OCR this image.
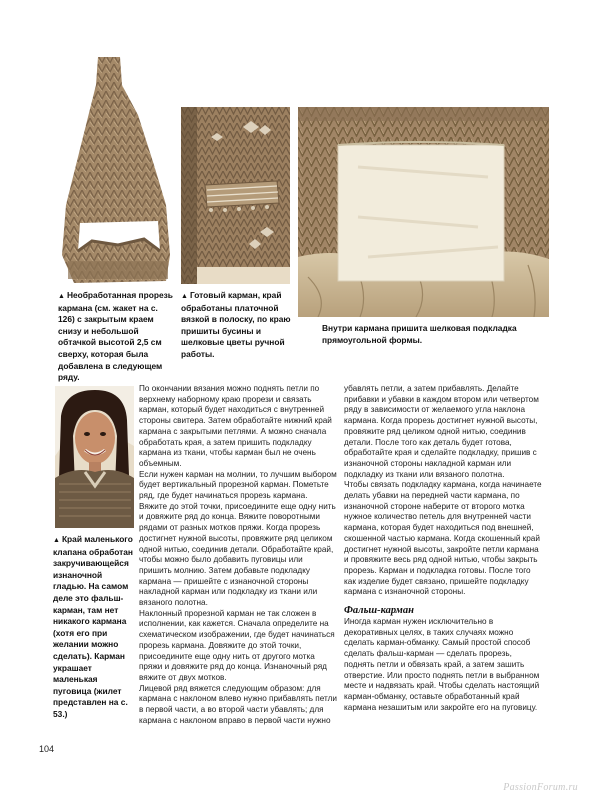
▲ Необработанная прорезь кармана (см. жакет на с. 126) с закрытым краем снизу и небольшой обтачкой высотой 2,5 см сверху, которая была добавлена в следующем ряду.
▲ Готовый карман, край обработаны платочной вязкой в полоску, по краю пришиты бусины и шелковые цветы ручной работы.
Внутри кармана пришита шелковая подкладка прямоугольной формы.
▲ Край маленького клапана обработан закручивающейся изнаночной гладью. На самом деле это фальш-карман, там нет никакого кармана (хотя его при желании можно сделать). Карман украшает маленькая пуговица (жилет представлен на с. 53.)

По окончании вязания можно поднять петли по верхнему наборному краю прорези и связать карман, который будет находиться с внутренней стороны свитера. Затем обработайте нижний край кармана с закрытыми петлями. А можно сначала обработать края, а затем пришить подкладку кармана из ткани, чтобы карман был не очень объемным.

Если нужен карман на молнии, то лучшим выбором будет вертикальный прорезной карман. Пометьте ряд, где будет начинаться прорезь кармана. Вяжите до этой точки, присоедините еще одну нить и довяжите ряд до конца. Вяжите поворотными рядами от разных мотков пряжи. Когда прорезь достигнет нужной высоты, провяжите ряд целиком одной нитью, соединив детали. Обработайте край, чтобы можно было добавить пуговицы или пришить молнию. Затем добавьте подкладку кармана — пришейте с изнаночной стороны накладной карман или подкладку из ткани или вязаного полотна.

Наклонный прорезной карман не так сложен в исполнении, как кажется. Сначала определите на схематическом изображении, где будет начинаться прорезь кармана. Довяжите до этой точки, присоедините еще одну нить от другого мотка пряжи и довяжите ряд до конца. Изнаночный ряд вяжите от двух мотков.

Лицевой ряд вяжется следующим образом: для кармана с наклоном влево нужно прибавлять петли в первой части, а во второй части убавлять; для кармана с наклоном вправо в первой части нужно

убавлять петли, а затем прибавлять. Делайте прибавки и убавки в каждом втором или четвертом ряду в зависимости от желаемого угла наклона кармана. Когда прорезь достигнет нужной высоты, провяжите ряд целиком одной нитью, соединив детали. После того как деталь будет готова, обработайте края и сделайте подкладку, пришив с изнаночной стороны накладной карман или подкладку из ткани или вязаного полотна.

Чтобы связать подкладку кармана, когда начинаете делать убавки на передней части кармана, по изнаночной стороне наберите от второго мотка нужное количество петель для внутренней части кармана, которая будет находиться под внешней, скошенной частью кармана. Когда скошенный край достигнет нужной высоты, закройте петли кармана и провяжите весь ряд одной нитью, чтобы закрыть прорезь. Карман и подкладка готовы. После того как изделие будет связано, пришейте подкладку кармана с изнаночной стороны.

Фальш-карман

Иногда карман нужен исключительно в декоративных целях, в таких случаях можно сделать карман-обманку. Самый простой способ сделать фальш-карман — сделать прорезь, поднять петли и обвязать край, а затем зашить отверстие. Или просто поднять петли в выбранном месте и надвязать край. Чтобы сделать настоящий карман-обманку, оставьте обработанный край кармана незашитым или закройте его на пуговицу.

104
PassionForum.ru
